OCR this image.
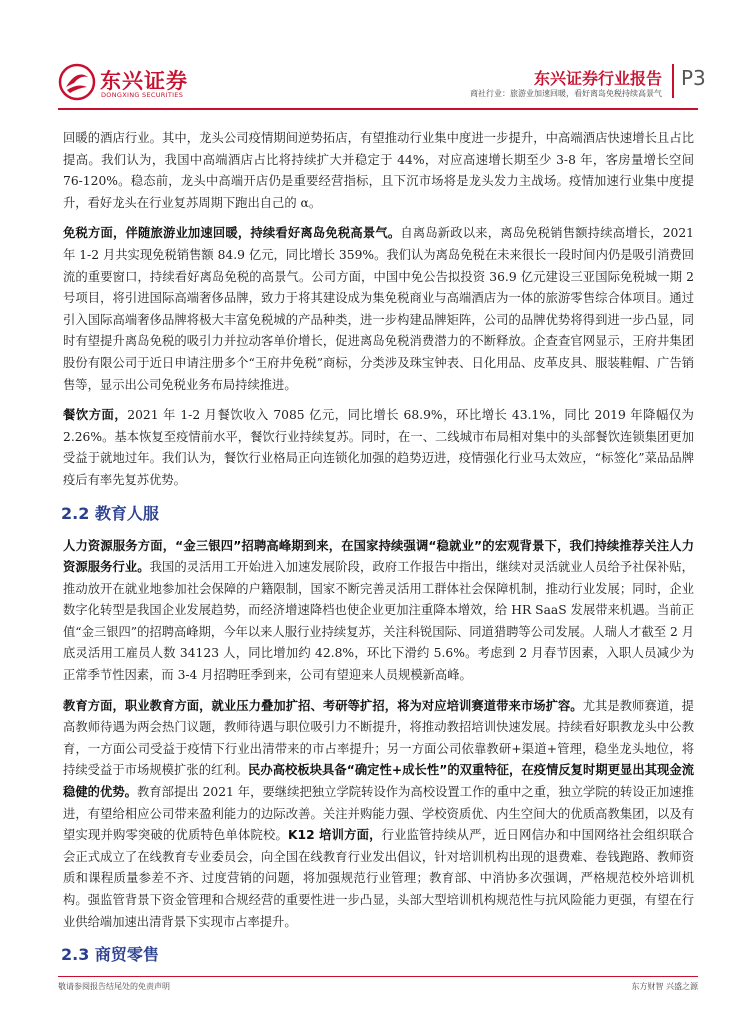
东兴证券
DONGXING SECURITIES
东兴证券行业报告
商社行业：旅游业加速回暖，看好离岛免税持续高景气
P3

回暖的酒店行业。其中，龙头公司疫情期间逆势拓店，有望推动行业集中度进一步提升，中高端酒店快速增长且占比提高。我们认为，我国中高端酒店占比将持续扩大并稳定于 44%，对应高速增长期至少 3-8 年，客房量增长空间 76-120%。稳态前，龙头中高端开店仍是重要经营指标，且下沉市场将是龙头发力主战场。疫情加速行业集中度提升，看好龙头在行业复苏周期下跑出自己的 α。

免税方面，伴随旅游业加速回暖，持续看好离岛免税高景气。自离岛新政以来，离岛免税销售额持续高增长，2021 年 1-2 月共实现免税销售额 84.9 亿元，同比增长 359%。我们认为离岛免税在未来很长一段时间内仍是吸引消费回流的重要窗口，持续看好离岛免税的高景气。公司方面，中国中免公告拟投资 36.9 亿元建设三亚国际免税城一期 2 号项目，将引进国际高端奢侈品牌，致力于将其建设成为集免税商业与高端酒店为一体的旅游零售综合体项目。通过引入国际高端奢侈品牌将极大丰富免税城的产品种类，进一步构建品牌矩阵，公司的品牌优势将得到进一步凸显，同时有望提升离岛免税的吸引力并拉动客单价增长，促进离岛免税消费潜力的不断释放。企查查官网显示，王府井集团股份有限公司于近日申请注册多个“王府井免税”商标，分类涉及珠宝钟表、日化用品、皮革皮具、服装鞋帽、广告销售等，显示出公司免税业务布局持续推进。

餐饮方面，2021 年 1-2 月餐饮收入 7085 亿元，同比增长 68.9%，环比增长 43.1%，同比 2019 年降幅仅为 2.26%。基本恢复至疫情前水平，餐饮行业持续复苏。同时，在一、二线城市布局相对集中的头部餐饮连锁集团更加受益于就地过年。我们认为，餐饮行业格局正向连锁化加强的趋势迈进，疫情强化行业马太效应，“标签化”菜品品牌疫后有率先复苏优势。

2.2 教育人服

人力资源服务方面，“金三银四”招聘高峰期到来，在国家持续强调“稳就业”的宏观背景下，我们持续推荐关注人力资源服务行业。我国的灵活用工开始进入加速发展阶段，政府工作报告中指出，继续对灵活就业人员给予社保补贴，推动放开在就业地参加社会保障的户籍限制，国家不断完善灵活用工群体社会保障机制，推动行业发展；同时，企业数字化转型是我国企业发展趋势，而经济增速降档也使企业更加注重降本增效，给 HR SaaS 发展带来机遇。当前正值“金三银四”的招聘高峰期，今年以来人服行业持续复苏，关注科锐国际、同道猎聘等公司发展。人瑞人才截至 2 月底灵活用工雇员人数 34123 人，同比增加约 42.8%，环比下滑约 5.6%。考虑到 2 月春节因素，入职人员减少为正常季节性因素，而 3-4 月招聘旺季到来，公司有望迎来人员规模新高峰。

教育方面，职业教育方面，就业压力叠加扩招、考研等扩招，将为对应培训赛道带来市场扩容。尤其是教师赛道，提高教师待遇为两会热门议题，教师待遇与职位吸引力不断提升，将推动教招培训快速发展。持续看好职教龙头中公教育，一方面公司受益于疫情下行业出清带来的市占率提升；另一方面公司依靠教研+渠道+管理，稳坐龙头地位，将持续受益于市场规模扩张的红利。民办高校板块具备“确定性+成长性”的双重特征，在疫情反复时期更显出其现金流稳健的优势。教育部提出 2021 年，要继续把独立学院转设作为高校设置工作的重中之重，独立学院的转设正加速推进，有望给相应公司带来盈利能力的边际改善。关注并购能力强、学校资质优、内生空间大的优质高教集团，以及有望实现并购零突破的优质特色单体院校。K12 培训方面，行业监管持续从严，近日网信办和中国网络社会组织联合会正式成立了在线教育专业委员会，向全国在线教育行业发出倡议，针对培训机构出现的退费难、卷钱跑路、教师资质和课程质量参差不齐、过度营销的问题，将加强规范行业管理；教育部、中消协多次强调，严格规范校外培训机构。强监管背景下资金管理和合规经营的重要性进一步凸显，头部大型培训机构规范性与抗风险能力更强，有望在行业供给端加速出清背景下实现市占率提升。

2.3 商贸零售
敬请参阅报告结尾处的免责声明	东方财智 兴盛之源
